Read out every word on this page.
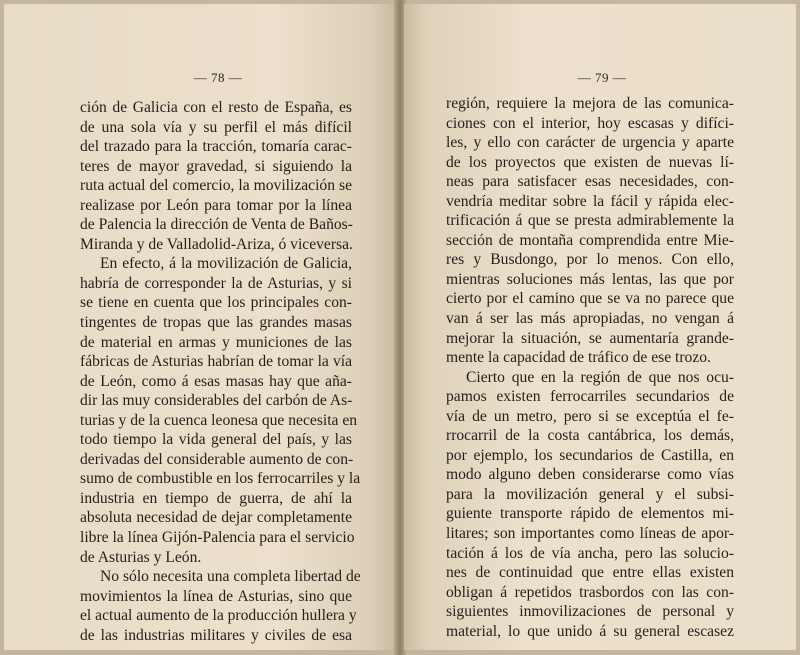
— 78 —
ción de Galicia con el resto de España, es
de una sola vía y su perfil el más difícil
del trazado para la tracción, tomaría carac-
teres de mayor gravedad, si siguiendo la
ruta actual del comercio, la movilización se
realizase por León para tomar por la línea
de Palencia la dirección de Venta de Baños-
Miranda y de Valladolid-Ariza, ó viceversa.
En efecto, á la movilización de Galicia,
habría de corresponder la de Asturias, y si
se tiene en cuenta que los principales con-
tingentes de tropas que las grandes masas
de material en armas y municiones de las
fábricas de Asturias habrían de tomar la vía
de León, como á esas masas hay que aña-
dir las muy considerables del carbón de As-
turias y de la cuenca leonesa que necesita en
todo tiempo la vida general del país, y las
derivadas del considerable aumento de con-
sumo de combustible en los ferrocarriles y la
industria en tiempo de guerra, de ahí la
absoluta necesidad de dejar completamente
libre la línea Gijón-Palencia para el servicio
de Asturias y León.
No sólo necesita una completa libertad de
movimientos la línea de Asturias, sino que
el actual aumento de la producción hullera y
de las industrias militares y civiles de esa
— 79 —
región, requiere la mejora de las comunica-
ciones con el interior, hoy escasas y difíci-
les, y ello con carácter de urgencia y aparte
de los proyectos que existen de nuevas lí-
neas para satisfacer esas necesidades, con-
vendría meditar sobre la fácil y rápida elec-
trificación á que se presta admirablemente la
sección de montaña comprendida entre Mie-
res y Busdongo, por lo menos. Con ello,
mientras soluciones más lentas, las que por
cierto por el camino que se va no parece que
van á ser las más apropiadas, no vengan á
mejorar la situación, se aumentaría grande-
mente la capacidad de tráfico de ese trozo.
Cierto que en la región de que nos ocu-
pamos existen ferrocarriles secundarios de
vía de un metro, pero si se exceptúa el fe-
rrocarril de la costa cantábrica, los demás,
por ejemplo, los secundarios de Castilla, en
modo alguno deben considerarse como vías
para la movilización general y el subsi-
guiente transporte rápido de elementos mi-
litares; son importantes como líneas de apor-
tación á los de vía ancha, pero las solucio-
nes de continuidad que entre ellas existen
obligan á repetidos trasbordos con las con-
siguientes inmovilizaciones de personal y
material, lo que unido á su general escasez
